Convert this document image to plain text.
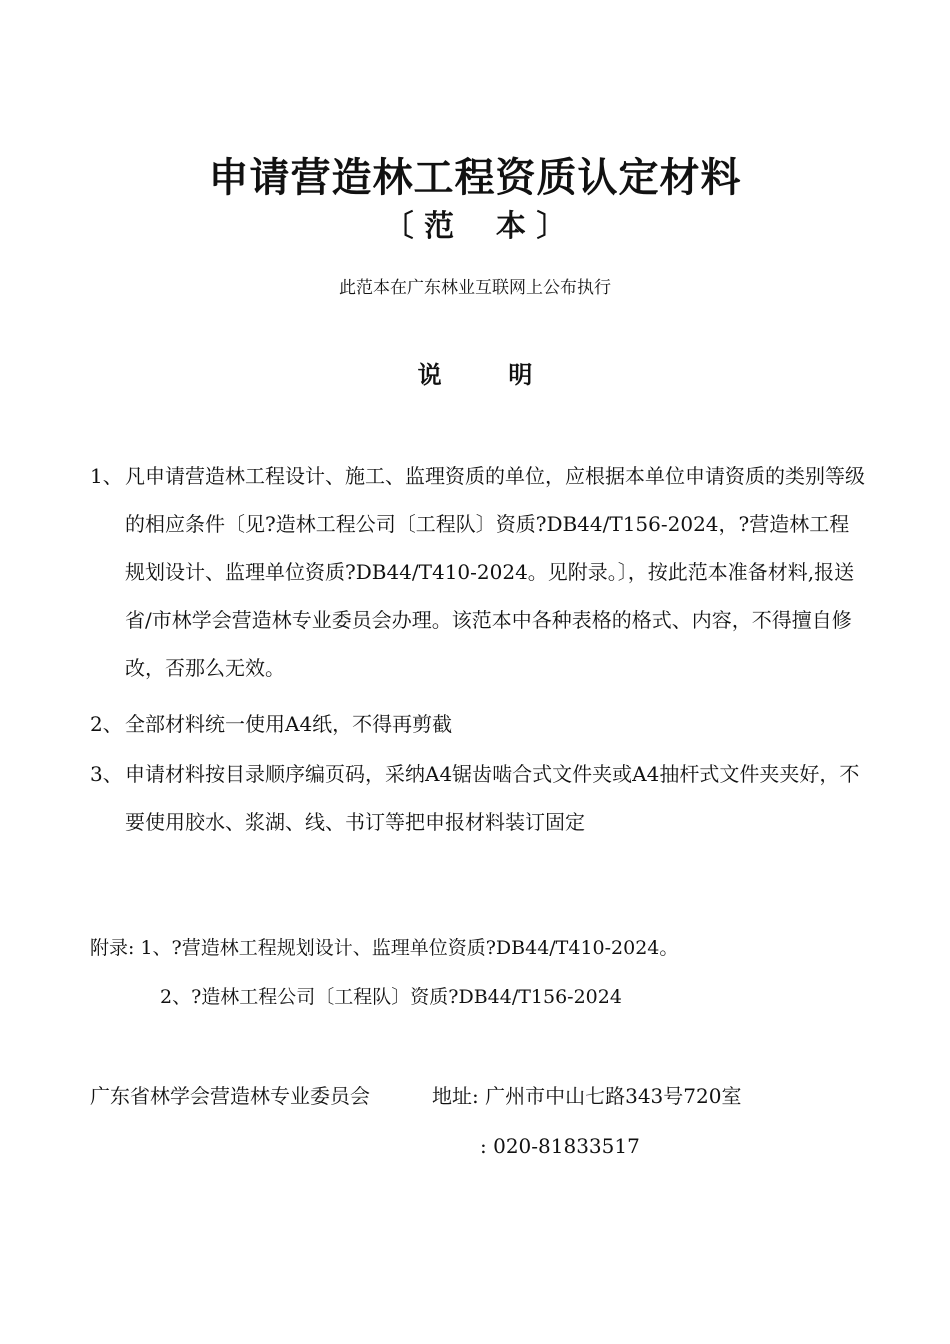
申请营造林工程资质认定材料
〔 范    本 〕
此范本在广东林业互联网上公布执行
说        明
1、 凡申请营造林工程设计、施工、监理资质的单位，应根据本单位申请资质的类别等级的相应条件〔见?造林工程公司〔工程队〕资质?DB44/T156-2024，?营造林工程规划设计、监理单位资质?DB44/T410-2024。见附录。〕，按此范本准备材料,报送省/市林学会营造林专业委员会办理。该范本中各种表格的格式、内容，不得擅自修改，否那么无效。
2、 全部材料统一使用A4纸，不得再剪截
3、 申请材料按目录顺序编页码，采纳A4锯齿啮合式文件夹或A4抽杆式文件夹夹好，不要使用胶水、浆湖、线、书订等把申报材料装订固定
附录: 1、?营造林工程规划设计、监理单位资质?DB44/T410-2024。
2、?造林工程公司〔工程队〕资质?DB44/T156-2024
广东省林学会营造林专业委员会	地址: 广州市中山七路343号720室
: 020-81833517
